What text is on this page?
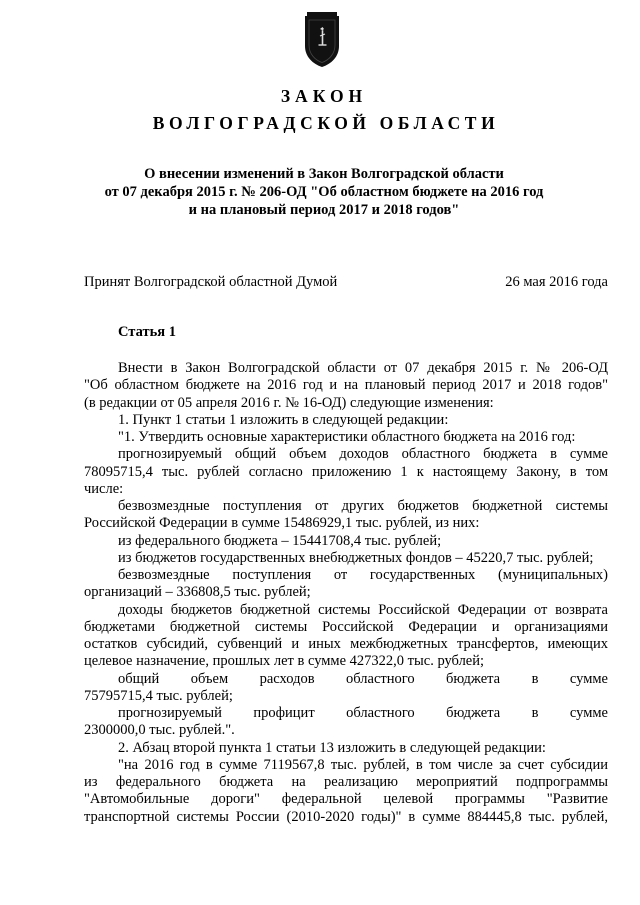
ЗАКОН
ВОЛГОГРАДСКОЙ ОБЛАСТИ
О внесении изменений в Закон Волгоградской области
от 07 декабря 2015 г. № 206-ОД "Об областном бюджете на 2016 год
и на плановый период 2017 и 2018 годов"
Принят Волгоградской областной Думой	26 мая 2016 года
Статья 1
Внести в Закон Волгоградской области от 07 декабря 2015 г. № 206-ОД
"Об областном бюджете на 2016 год и на плановый период 2017 и 2018 годов"
(в редакции от 05 апреля 2016 г. № 16-ОД) следующие изменения:
1. Пункт 1 статьи 1 изложить в следующей редакции:
"1. Утвердить основные характеристики областного бюджета на 2016 год:
прогнозируемый общий объем доходов областного бюджета в сумме
78095715,4 тыс. рублей согласно приложению 1 к настоящему Закону, в том
числе:
безвозмездные поступления от других бюджетов бюджетной системы
Российской Федерации в сумме 15486929,1 тыс. рублей, из них:
из федерального бюджета – 15441708,4 тыс. рублей;
из бюджетов государственных внебюджетных фондов – 45220,7 тыс. рублей;
безвозмездные поступления от государственных (муниципальных)
организаций – 336808,5 тыс. рублей;
доходы бюджетов бюджетной системы Российской Федерации от возврата
бюджетами бюджетной системы Российской Федерации и организациями
остатков субсидий, субвенций и иных межбюджетных трансфертов, имеющих
целевое назначение, прошлых лет в сумме 427322,0 тыс. рублей;
общий объем расходов областного бюджета в сумме
75795715,4 тыс. рублей;
прогнозируемый профицит областного бюджета в сумме
2300000,0 тыс. рублей.".
2. Абзац второй пункта 1 статьи 13 изложить в следующей редакции:
"на 2016 год в сумме 7119567,8 тыс. рублей, в том числе за счет субсидии
из федерального бюджета на реализацию мероприятий подпрограммы
"Автомобильные дороги" федеральной целевой программы "Развитие
транспортной системы России (2010-2020 годы)" в сумме 884445,8 тыс. рублей,
